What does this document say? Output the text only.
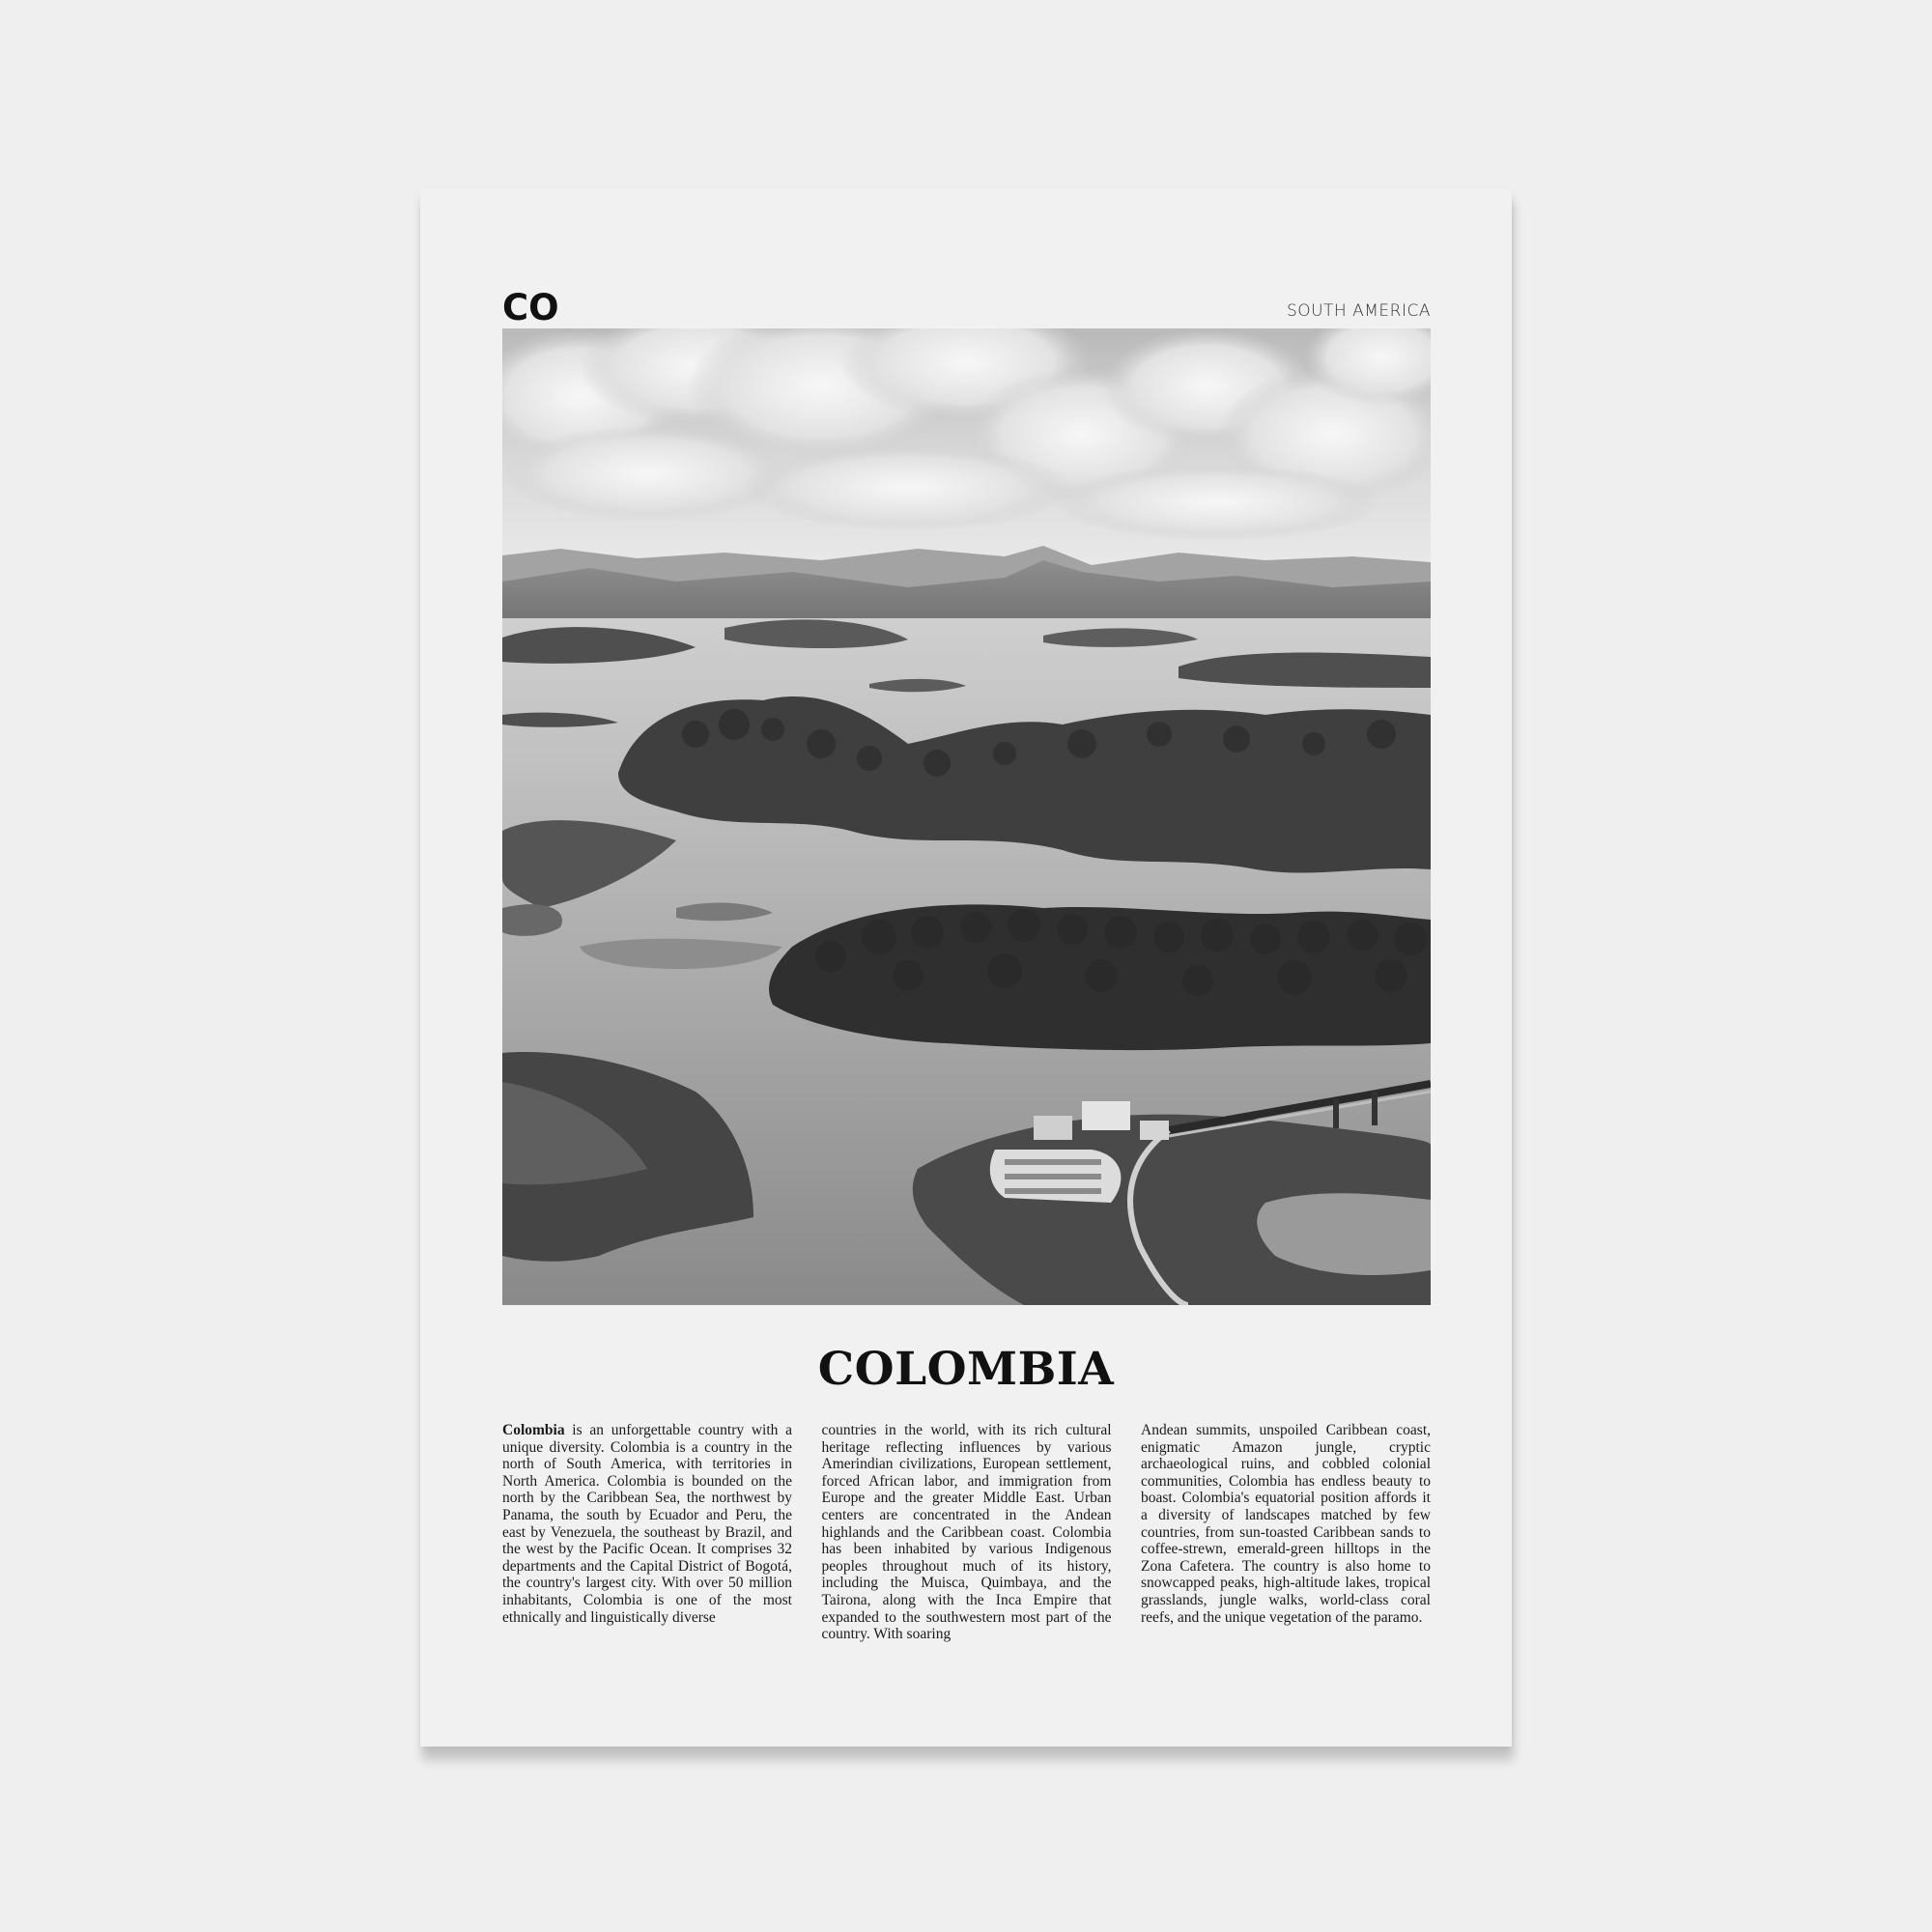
CO	SOUTH AMERICA
COLOMBIA
Colombia is an unforgettable country with a unique diversity. Colombia is a country in the north of South America, with territories in North America. Colombia is bounded on the north by the Caribbean Sea, the northwest by Panama, the south by Ecuador and Peru, the east by Venezuela, the southeast by Brazil, and the west by the Pacific Ocean. It comprises 32 departments and the Capital District of Bogotá, the country's largest city. With over 50 million inhabitants, Colombia is one of the most ethnically and linguistically diverse
countries in the world, with its rich cultural heritage reflecting influences by various Amerindian civilizations, European settlement, forced African labor, and immigration from Europe and the greater Middle East. Urban centers are concentrated in the Andean highlands and the Caribbean coast. Colombia has been inhabited by various Indigenous peoples throughout much of its history, including the Muisca, Quimbaya, and the Tairona, along with the Inca Empire that expanded to the southwestern most part of the country. With soaring
Andean summits, unspoiled Caribbean coast, enigmatic Amazon jungle, cryptic archaeological ruins, and cobbled colonial communities, Colombia has endless beauty to boast. Colombia's equatorial position affords it a diversity of landscapes matched by few countries, from sun-toasted Caribbean sands to coffee-strewn, emerald-green hilltops in the Zona Cafetera. The country is also home to snowcapped peaks, high-altitude lakes, tropical grasslands, jungle walks, world-class coral reefs, and the unique vegetation of the paramo.
